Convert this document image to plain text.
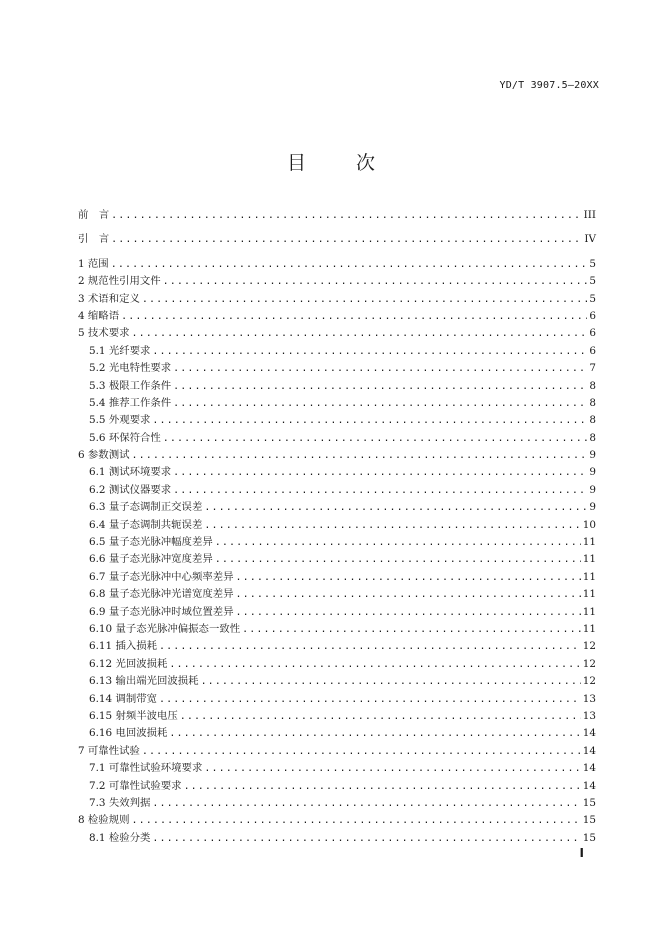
YD/T 3907.5—20XX
目 次
前　言 .....	III
引　言 .....	IV
1 范围 .....	5
2 规范性引用文件 .....	5
3 术语和定义 .....	5
4 缩略语 .....	6
5 技术要求 .....	6
5.1 光纤要求 .....	6
5.2 光电特性要求 .....	7
5.3 极限工作条件 .....	8
5.4 推荐工作条件 .....	8
5.5 外观要求 .....	8
5.6 环保符合性 .....	8
6 参数测试 .....	9
6.1 测试环境要求 .....	9
6.2 测试仪器要求 .....	9
6.3 量子态调制正交误差 .....	9
6.4 量子态调制共轭误差 .....	10
6.5 量子态光脉冲幅度差异 .....	11
6.6 量子态光脉冲宽度差异 .....	11
6.7 量子态光脉冲中心频率差异 .....	11
6.8 量子态光脉冲光谱宽度差异 .....	11
6.9 量子态光脉冲时域位置差异 .....	11
6.10 量子态光脉冲偏振态一致性 .....	11
6.11 插入损耗 .....	12
6.12 光回波损耗 .....	12
6.13 输出端光回波损耗 .....	12
6.14 调制带宽 .....	13
6.15 射频半波电压 .....	13
6.16 电回波损耗 .....	14
7 可靠性试验 .....	14
7.1 可靠性试验环境要求 .....	14
7.2 可靠性试验要求 .....	14
7.3 失效判据 .....	15
8 检验规则 .....	15
8.1 检验分类 .....	15
I
